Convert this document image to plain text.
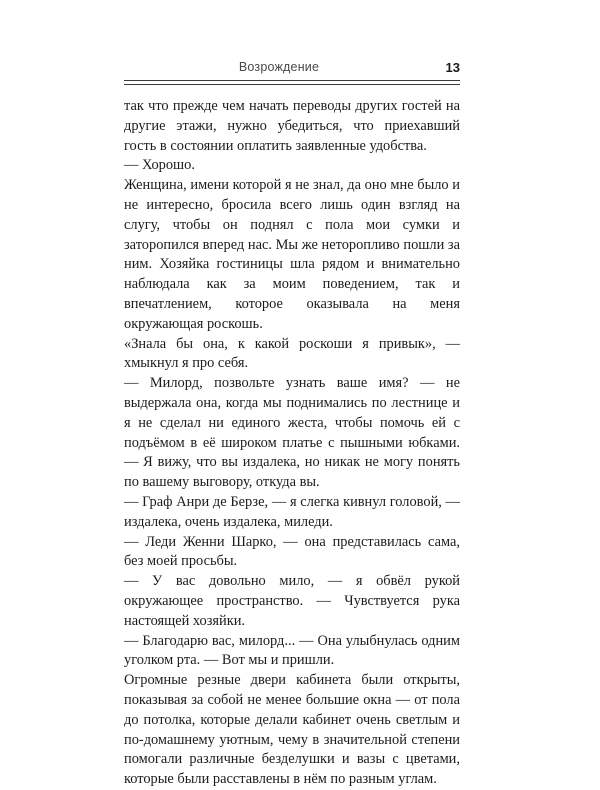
Возрождение	13

так что прежде чем начать переводы других гостей на другие этажи, нужно убедиться, что приехавший гость в состоянии оплатить заявленные удобства.

— Хорошо.

Женщина, имени которой я не знал, да оно мне было и не интересно, бросила всего лишь один взгляд на слугу, чтобы он поднял с пола мои сумки и заторопился вперед нас. Мы же неторопливо пошли за ним. Хозяйка гостиницы шла рядом и внимательно наблюдала как за моим поведением, так и впечатлением, которое оказывала на меня окружающая роскошь.

«Знала бы она, к какой роскоши я привык», — хмыкнул я про себя.

— Милорд, позвольте узнать ваше имя? — не выдержала она, когда мы поднимались по лестнице и я не сделал ни единого жеста, чтобы помочь ей с подъёмом в её широком платье с пышными юбками. — Я вижу, что вы издалека, но никак не могу понять по вашему выговору, откуда вы.

— Граф Анри де Берзе, — я слегка кивнул головой, — издалека, очень издалека, миледи.

— Леди Женни Шарко, — она представилась сама, без моей просьбы.

— У вас довольно мило, — я обвёл рукой окружающее пространство. — Чувствуется рука настоящей хозяйки.

— Благодарю вас, милорд... — Она улыбнулась одним уголком рта. — Вот мы и пришли.

Огромные резные двери кабинета были открыты, показывая за собой не менее большие окна — от пола до потолка, которые делали кабинет очень светлым и по-домашнему уютным, чему в значительной степени помогали различные безделушки и вазы с цветами, которые были расставлены в нём по разным углам.
